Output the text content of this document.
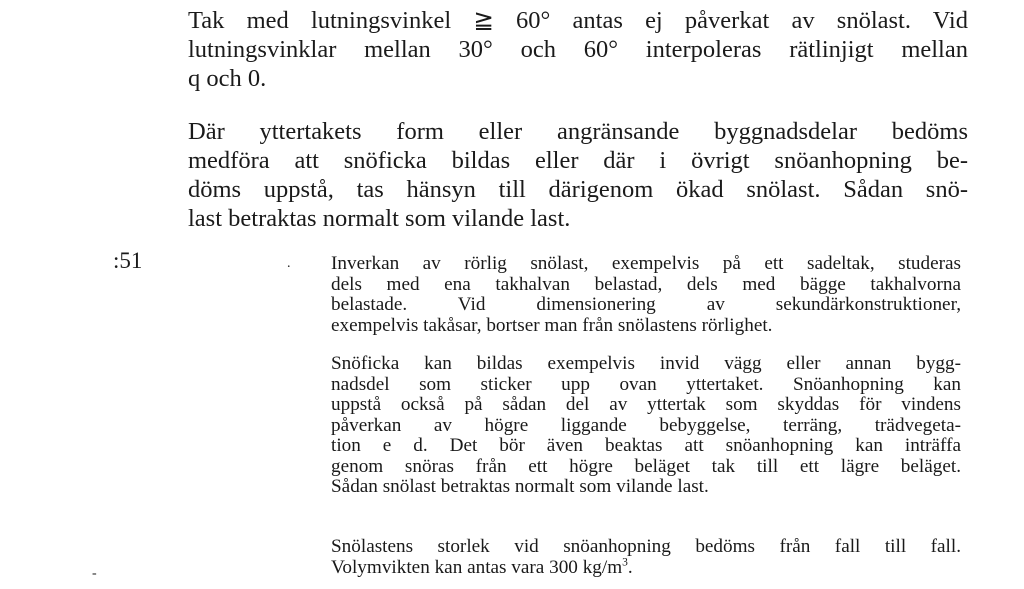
Tak med lutningsvinkel ≧ 60° antas ej påverkat av snölast. Vid
lutningsvinklar mellan 30° och 60° interpoleras rätlinjigt mellan
q och 0.
Där yttertakets form eller angränsande byggnadsdelar bedöms
medföra att snöficka bildas eller där i övrigt snöanhopning be-
döms uppstå, tas hänsyn till därigenom ökad snölast. Sådan snö-
last betraktas normalt som vilande last.
:51	.
-
Inverkan av rörlig snölast, exempelvis på ett sadeltak, studeras
dels med ena takhalvan belastad, dels med bägge takhalvorna
belastade. Vid dimensionering av sekundärkonstruktioner,
exempelvis takåsar, bortser man från snölastens rörlighet.
Snöficka kan bildas exempelvis invid vägg eller annan bygg-
nadsdel som sticker upp ovan yttertaket. Snöanhopning kan
uppstå också på sådan del av yttertak som skyddas för vindens
påverkan av högre liggande bebyggelse, terräng, trädvegeta-
tion e d. Det bör även beaktas att snöanhopning kan inträffa
genom snöras från ett högre beläget tak till ett lägre beläget.
Sådan snölast betraktas normalt som vilande last.
Snölastens storlek vid snöanhopning bedöms från fall till fall.
Volymvikten kan antas vara 300 $kg/m^3$.
